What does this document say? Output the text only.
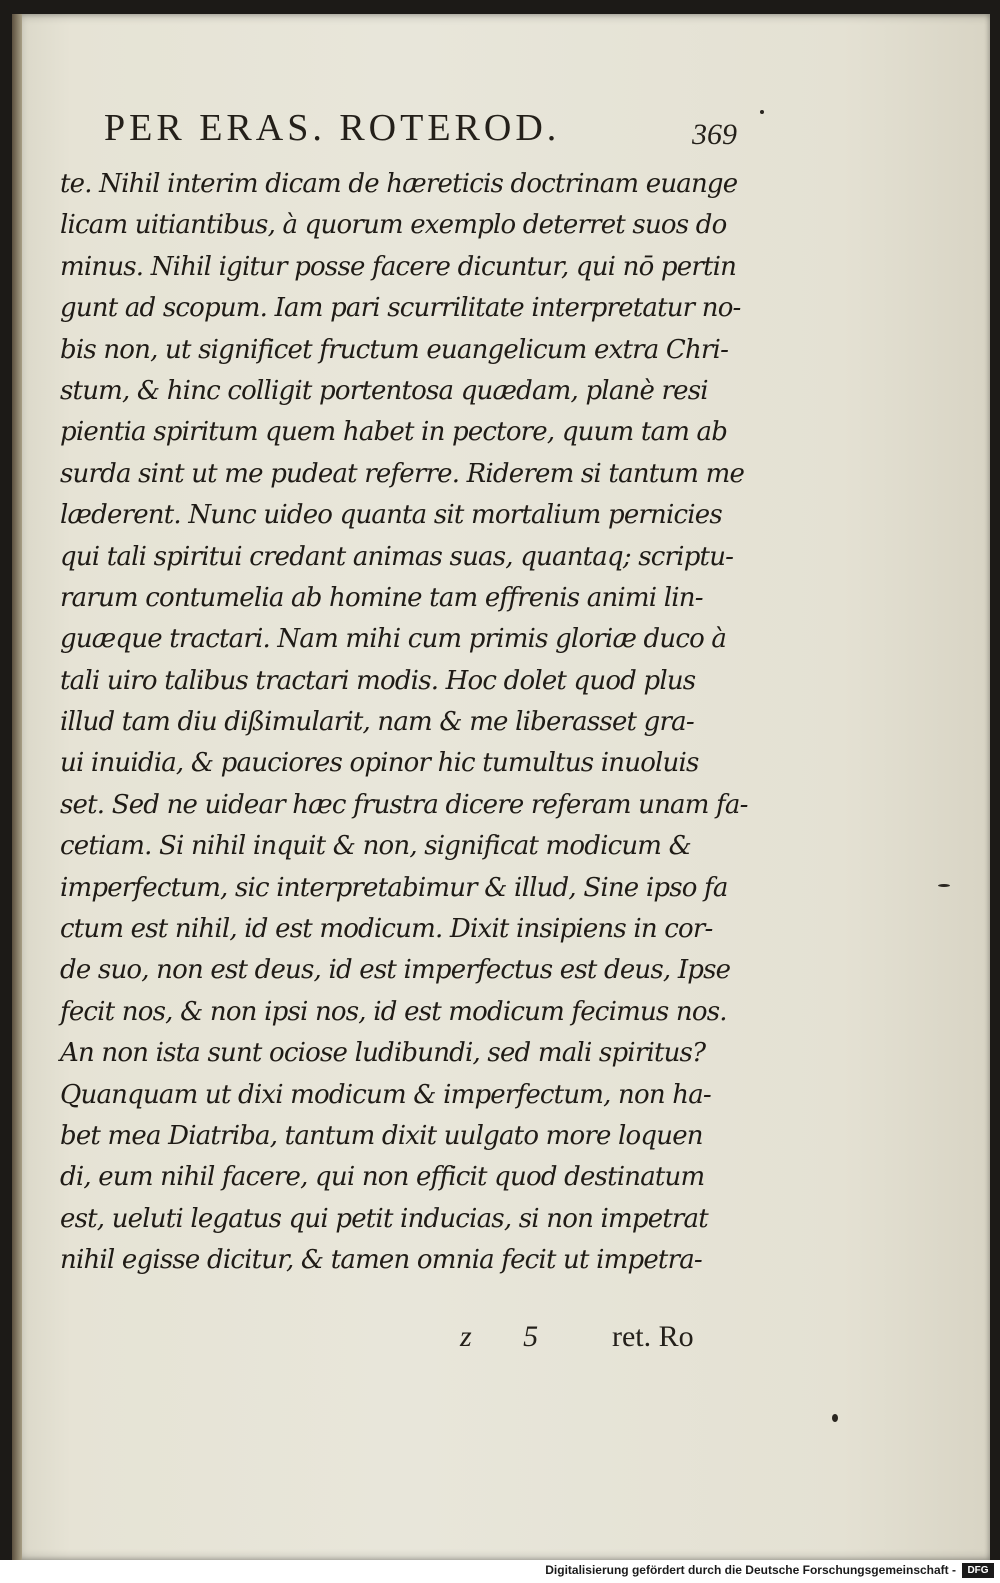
PER ERAS. ROTEROD.	369
te. Nihil interim dicam de hæreticis doctrinam euange
licam uitiantibus, à quorum exemplo deterret suos do
minus. Nihil igitur posse facere dicuntur, qui nō pertin
gunt ad scopum. Iam pari scurrilitate interpretatur no-
bis non, ut significet fructum euangelicum extra Chri-
stum, & hinc colligit portentosa quædam, planè resi
pientia spiritum quem habet in pectore, quum tam ab
surda sint ut me pudeat referre. Riderem si tantum me
læderent. Nunc uideo quanta sit mortalium pernicies
qui tali spiritui credant animas suas, quantaq; scriptu-
rarum contumelia ab homine tam effrenis animi lin-
guæque tractari. Nam mihi cum primis gloriæ duco à
tali uiro talibus tractari modis. Hoc dolet quod plus
illud tam diu dißimularit, nam & me liberasset gra-
ui inuidia, & pauciores opinor hic tumultus inuoluis
set. Sed ne uidear hæc frustra dicere referam unam fa-
cetiam. Si nihil inquit & non, significat modicum &
imperfectum, sic interpretabimur & illud, Sine ipso fa
ctum est nihil, id est modicum. Dixit insipiens in cor-
de suo, non est deus, id est imperfectus est deus, Ipse
fecit nos, & non ipsi nos, id est modicum fecimus nos.
An non ista sunt ociose ludibundi, sed mali spiritus?
Quanquam ut dixi modicum & imperfectum, non ha-
bet mea Diatriba, tantum dixit uulgato more loquen
di, eum nihil facere, qui non efficit quod destinatum
est, ueluti legatus qui petit inducias, si non impetrat
nihil egisse dicitur, & tamen omnia fecit ut impetra-
z 5 ret. Ro
Digitalisierung gefördert durch die Deutsche Forschungsgemeinschaft -	DFG
